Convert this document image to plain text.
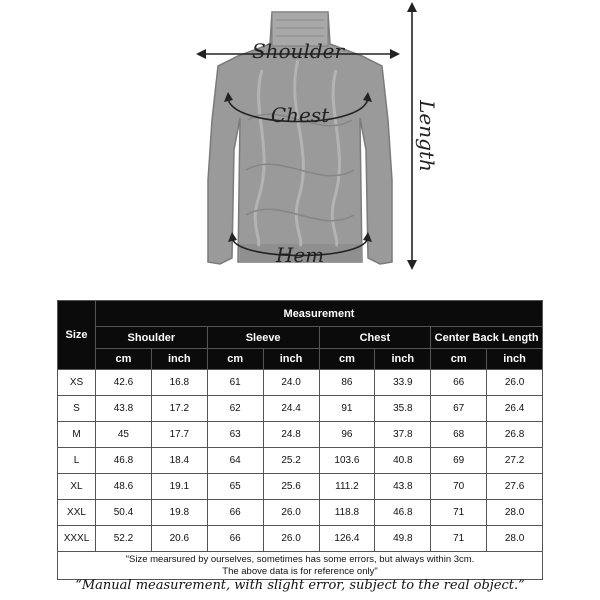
Shoulder
Chest
Hem
Length
Size	Measurement							
	Shoulder		Sleeve		Chest		Center Back Length	
	cm	inch	cm	inch	cm	inch	cm	inch
XS	42.6	16.8	61	24.0	86	33.9	66	26.0
S	43.8	17.2	62	24.4	91	35.8	67	26.4
M	45	17.7	63	24.8	96	37.8	68	26.8
L	46.8	18.4	64	25.2	103.6	40.8	69	27.2
XL	48.6	19.1	65	25.6	111.2	43.8	70	27.6
XXL	50.4	19.8	66	26.0	118.8	46.8	71	28.0
XXXL	52.2	20.6	66	26.0	126.4	49.8	71	28.0

"Size mearsured by ourselves, sometimes has some errors, but always within 3cm.
The above data is for reference only"								
“Manual measurement, with slight error, subject to the real object.”
